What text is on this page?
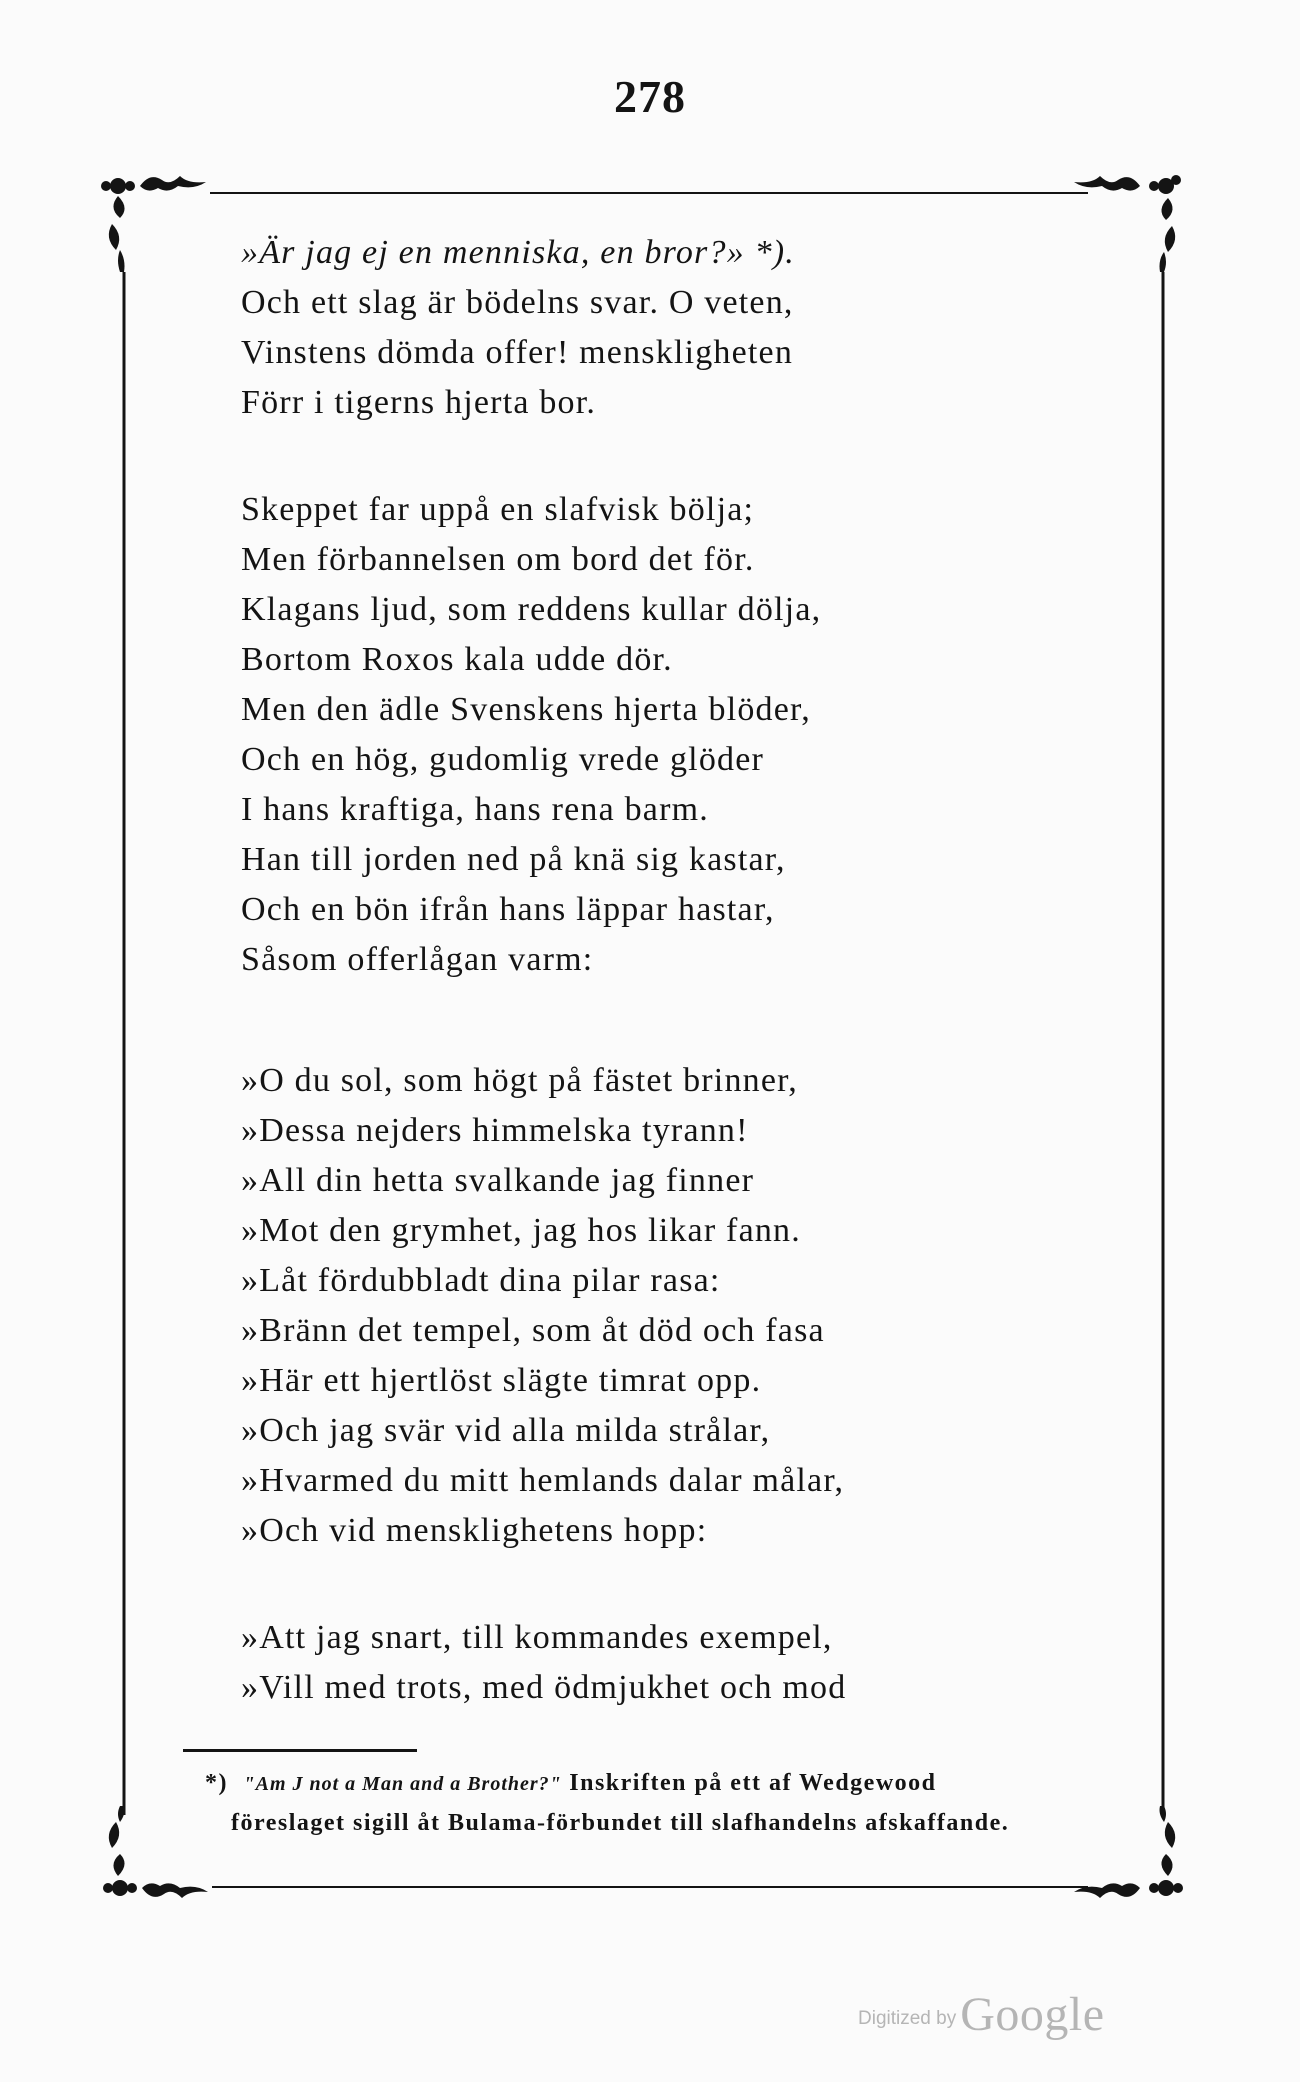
278
»Är jag ej en menniska, en bror?» *).
Och ett slag är bödelns svar. O veten,
Vinstens dömda offer! menskligheten
Förr i tigerns hjerta bor.
Skeppet far uppå en slafvisk bölja;
Men förbannelsen om bord det för.
Klagans ljud, som reddens kullar dölja,
Bortom Roxos kala udde dör.
Men den ädle Svenskens hjerta blöder,
Och en hög, gudomlig vrede glöder
I hans kraftiga, hans rena barm.
Han till jorden ned på knä sig kastar,
Och en bön ifrån hans läppar hastar,
Såsom offerlågan varm:
»O du sol, som högt på fästet brinner,
»Dessa nejders himmelska tyrann!
»All din hetta svalkande jag finner
»Mot den grymhet, jag hos likar fann.
»Låt fördubbladt dina pilar rasa:
»Bränn det tempel, som åt död och fasa
»Här ett hjertlöst slägte timrat opp.
»Och jag svär vid alla milda strålar,
»Hvarmed du mitt hemlands dalar målar,
»Och vid mensklighetens hopp:
»Att jag snart, till kommandes exempel,
»Vill med trots, med ödmjukhet och mod
*) "Am J not a Man and a Brother?" Inskriften på ett af Wedgewood
föreslaget sigill åt Bulama-förbundet till slafhandelns afskaffande.
Digitized by Google
